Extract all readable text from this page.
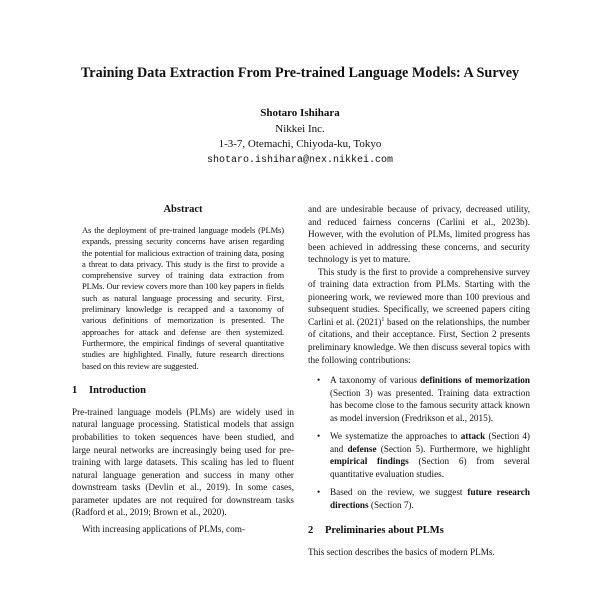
Training Data Extraction From Pre-trained Language Models: A Survey
Shotaro Ishihara
Nikkei Inc.
1-3-7, Otemachi, Chiyoda-ku, Tokyo
shotaro.ishihara@nex.nikkei.com
Abstract

As the deployment of pre-trained language models (PLMs) expands, pressing security concerns have arisen regarding the potential for malicious extraction of training data, posing a threat to data privacy. This study is the first to provide a comprehensive survey of training data extraction from PLMs. Our review covers more than 100 key papers in fields such as natural language processing and security. First, preliminary knowledge is recapped and a taxonomy of various definitions of memorization is presented. The approaches for attack and defense are then systemized. Furthermore, the empirical findings of several quantitative studies are highlighted. Finally, future research directions based on this review are suggested.

1 Introduction

Pre-trained language models (PLMs) are widely used in natural language processing. Statistical models that assign probabilities to token sequences have been studied, and large neural networks are increasingly being used for pre-training with large datasets. This scaling has led to fluent natural language generation and success in many other downstream tasks (Devlin et al., 2019). In some cases, parameter updates are not required for downstream tasks (Radford et al., 2019; Brown et al., 2020).

With increasing applications of PLMs, com-

and are undesirable because of privacy, decreased utility, and reduced fairness concerns (Carlini et al., 2023b). However, with the evolution of PLMs, limited progress has been achieved in addressing these concerns, and security technology is yet to mature.

This study is the first to provide a comprehensive survey of training data extraction from PLMs. Starting with the pioneering work, we reviewed more than 100 previous and subsequent studies. Specifically, we screened papers citing Carlini et al. $(2021)^1$ based on the relationships, the number of citations, and their acceptance. First, Section 2 presents preliminary knowledge. We then discuss several topics with the following contributions:

• A taxonomy of various definitions of memorization (Section 3) was presented. Training data extraction has become close to the famous security attack known as model inversion (Fredrikson et al., 2015).
• We systematize the approaches to attack (Section 4) and defense (Section 5). Furthermore, we highlight empirical findings (Section 6) from several quantitative evaluation studies.
• Based on the review, we suggest future research directions (Section 7).
2 Preliminaries about PLMs

This section describes the basics of modern PLMs.
